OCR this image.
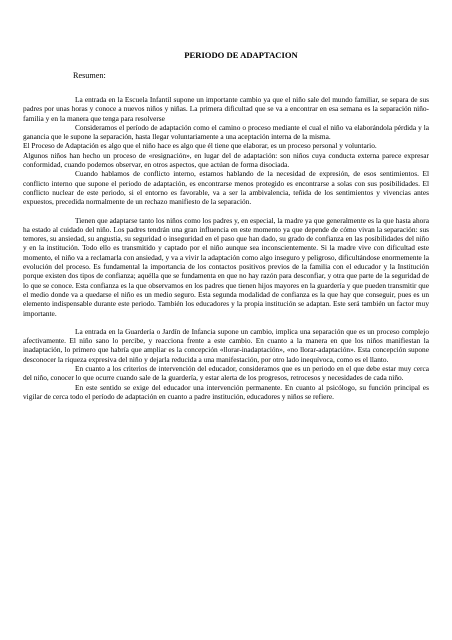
PERIODO DE ADAPTACION
Resumen:

La entrada en la Escuela Infantil supone un importante cambio ya que el niño sale del mundo familiar, se separa de sus padres por unas horas y conoce a nuevos niños y niñas. La primera dificultad que se va a encontrar en esa semana es la separación niño-familia y en la manera que tenga para resolverse

Consideramos el período de adaptación como el camino o proceso mediante el cual el niño va elaborándola pérdida y la ganancia que le supone la separación, hasta llegar voluntariamente a una aceptación interna de la misma.

El Proceso de Adaptación es algo que el niño hace es algo que él tiene que elaborar, es un proceso personal y voluntario.

Algunos niños han hecho un proceso de «resignación», en lugar del de adaptación: son niños cuya conducta externa parece expresar conformidad, cuando podemos observar, en otros aspectos, que actúan de forma disociada.

Cuando hablamos de conflicto interno, estamos hablando de la necesidad de expresión, de esos sentimientos. El conflicto interno que supone el periodo de adaptación, es encontrarse menos protegido es encontrarse a solas con sus posibilidades. El conflicto nuclear de este periodo, si el entorno es favorable, va a ser la ambivalencia, teñida de los sentimientos y vivencias antes expuestos, precedida normalmente de un rechazo manifiesto de la separación.

Tienen que adaptarse tanto los niños como los padres y, en especial, la madre ya que generalmente es la que hasta ahora ha estado al cuidado del niño. Los padres tendrán una gran influencia en este momento ya que depende de cómo vivan la separación: sus temores, su ansiedad, su angustia, su seguridad o inseguridad en el paso que han dado, su grado de confianza en las posibilidades del niño y en la institución. Todo ello es transmitido y captado por el niño aunque sea inconscientemente. Si la madre vive con dificultad este momento, el niño va a reclamarla con ansiedad, y va a vivir la adaptación como algo inseguro y peligroso, dificultándose enormemente la evolución del proceso. Es fundamental la importancia de los contactos positivos previos de la familia con el educador y la Institución porque existen dos tipos de confianza; aquélla que se fundamenta en que no hay razón para desconfiar, y otra que parte de la seguridad de lo que se conoce. Esta confianza es la que observamos en los padres que tienen hijos mayores en la guardería y que pueden transmitir que el medio donde va a quedarse el niño es un medio seguro. Esta segunda modalidad de confianza es la que hay que conseguir, pues es un elemento indispensable durante este periodo. También los educadores y la propia institución se adaptan. Este será también un factor muy importante.

La entrada en la Guardería o Jardín de Infancia supone un cambio, implica una separación que es un proceso complejo afectivamente. El niño sano lo percibe, y reacciona frente a este cambio. En cuanto a la manera en que los niños manifiestan la inadaptación, lo primero que habría que ampliar es la concepción «llorar-inadaptación», «no llorar-adaptación». Esta concepción supone desconocer la riqueza expresiva del niño y dejarla reducida a una manifestación, por otro lado inequívoca, como es el llanto.

En cuanto a los criterios de intervención del educador, consideramos que es un periodo en el que debe estar muy cerca del niño, conocer lo que ocurre cuando sale de la guardería, y estar alerta de los progresos, retrocesos y necesidades de cada niño.

En este sentido se exige del educador una intervención permanente. En cuanto al psicólogo, su función principal es vigilar de cerca todo el período de adaptación en cuanto a padre institución, educadores y niños se refiere.
